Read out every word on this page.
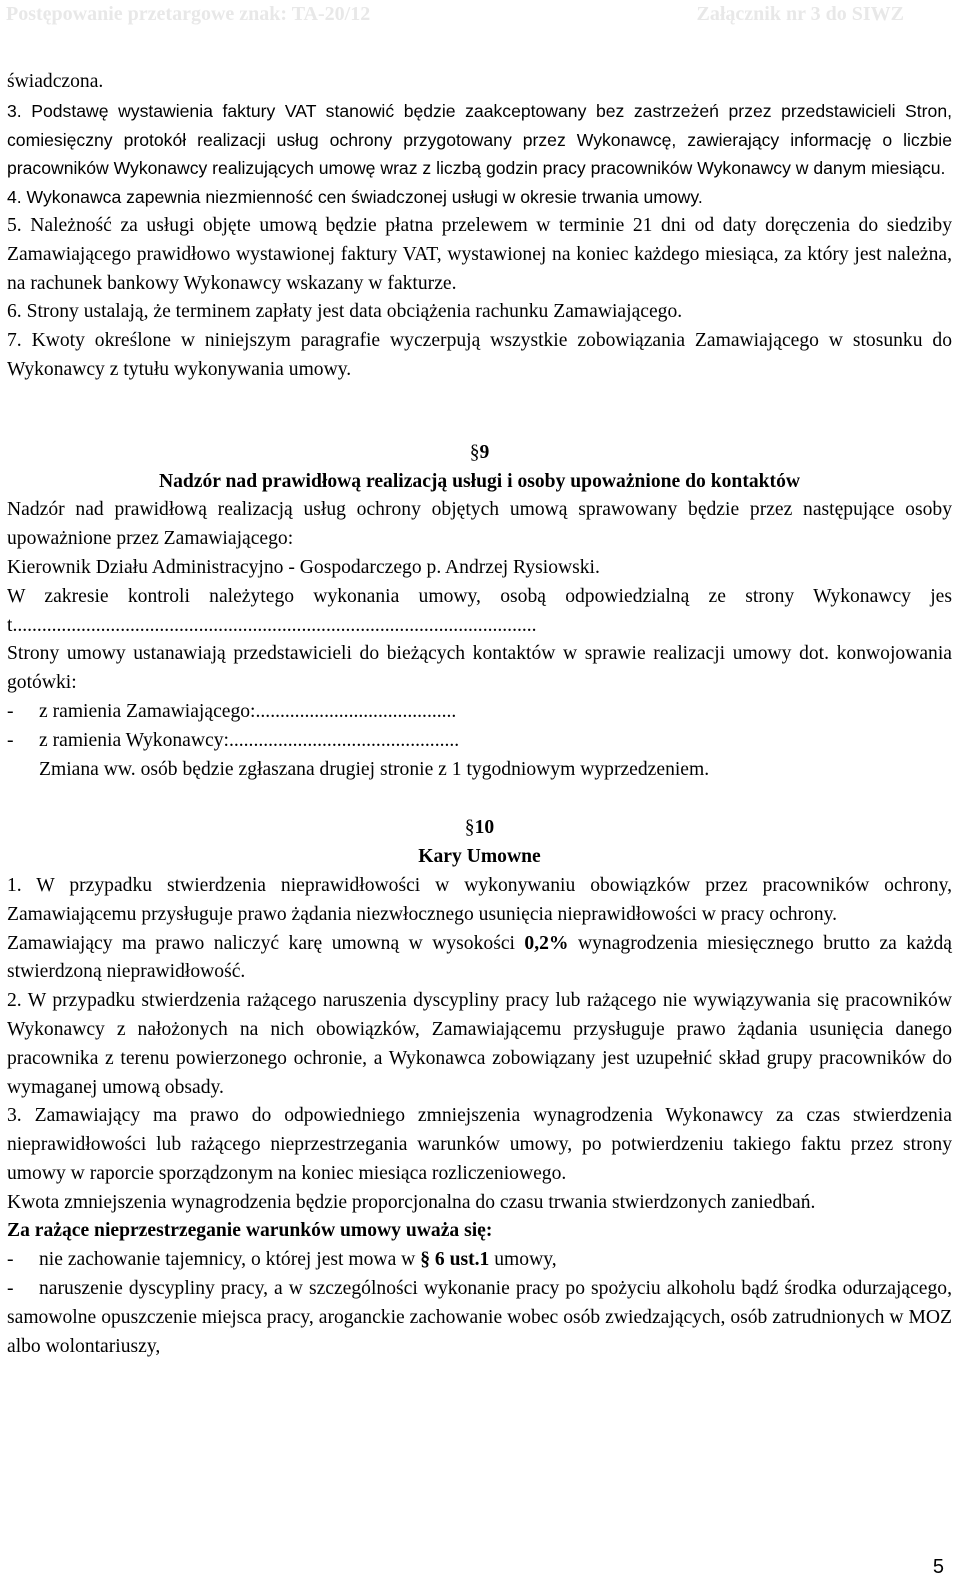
Postępowanie przetargowe znak: TA-20/12	Załącznik nr 3 do SIWZ

świadczona.

3. Podstawę wystawienia faktury VAT stanowić będzie zaakceptowany bez zastrzeżeń przez przedstawicieli Stron, comiesięczny protokół realizacji usług ochrony przygotowany przez Wykonawcę, zawierający informację o liczbie pracowników Wykonawcy realizujących umowę wraz z liczbą godzin pracy pracowników Wykonawcy w danym miesiącu.

4. Wykonawca zapewnia niezmienność cen świadczonej usługi w okresie trwania umowy.

5. Należność za usługi objęte umową będzie płatna przelewem w terminie 21 dni od daty doręczenia do siedziby Zamawiającego prawidłowo wystawionej faktury VAT, wystawionej na koniec każdego miesiąca, za który jest należna, na rachunek bankowy Wykonawcy wskazany w fakturze.

6. Strony ustalają, że terminem zapłaty jest data obciążenia rachunku Zamawiającego.

7. Kwoty określone w niniejszym paragrafie wyczerpują wszystkie zobowiązania Zamawiającego w stosunku do Wykonawcy z tytułu wykonywania umowy.

§9
Nadzór nad prawidłową realizacją usługi i osoby upoważnione do kontaktów

Nadzór nad prawidłową realizacją usług ochrony objętych umową sprawowany będzie przez następujące osoby upoważnione przez Zamawiającego:

Kierownik Działu Administracyjno - Gospodarczego p. Andrzej Rysiowski.

W zakresie kontroli należytego wykonania umowy, osobą odpowiedzialną ze strony Wykonawcy jest...........................................................................................................

Strony umowy ustanawiają przedstawicieli do bieżących kontaktów w sprawie realizacji umowy dot. konwojowania gotówki:

- z ramienia Zamawiającego:.........................................
- z ramienia Wykonawcy:...............................................

Zmiana ww. osób będzie zgłaszana drugiej stronie z 1 tygodniowym wyprzedzeniem.

§10
Kary Umowne

1. W przypadku stwierdzenia nieprawidłowości w wykonywaniu obowiązków przez pracowników ochrony, Zamawiającemu przysługuje prawo żądania niezwłocznego usunięcia nieprawidłowości w pracy ochrony.

Zamawiający ma prawo naliczyć karę umowną w wysokości 0,2% wynagrodzenia miesięcznego brutto za każdą stwierdzoną nieprawidłowość.

2. W przypadku stwierdzenia rażącego naruszenia dyscypliny pracy lub rażącego nie wywiązywania się pracowników Wykonawcy z nałożonych na nich obowiązków, Zamawiającemu przysługuje prawo żądania usunięcia danego pracownika z terenu powierzonego ochronie, a Wykonawca zobowiązany jest uzupełnić skład grupy pracowników do wymaganej umową obsady.

3. Zamawiający ma prawo do odpowiedniego zmniejszenia wynagrodzenia Wykonawcy za czas stwierdzenia nieprawidłowości lub rażącego nieprzestrzegania warunków umowy, po potwierdzeniu takiego faktu przez strony umowy w raporcie sporządzonym na koniec miesiąca rozliczeniowego.

Kwota zmniejszenia wynagrodzenia będzie proporcjonalna do czasu trwania stwierdzonych zaniedbań.

Za rażące nieprzestrzeganie warunków umowy uważa się:

- nie zachowanie tajemnicy, o której jest mowa w § 6 ust.1 umowy,
- naruszenie dyscypliny pracy, a w szczególności wykonanie pracy po spożyciu alkoholu bądź środka odurzającego, samowolne opuszczenie miejsca pracy, aroganckie zachowanie wobec osób zwiedzających, osób zatrudnionych w MOZ albo wolontariuszy,
5
